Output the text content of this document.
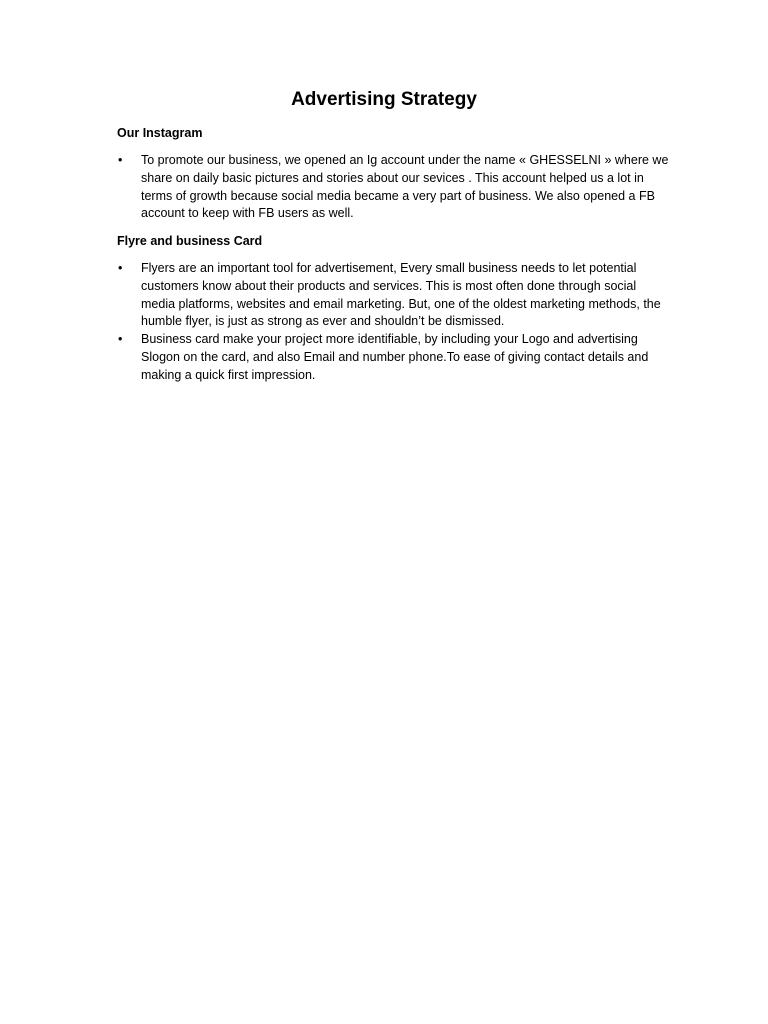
Advertising Strategy
Our Instagram
• To promote our business, we opened an Ig account under the name « GHESSELNI » where we share on daily basic pictures and stories about our sevices . This account helped us a lot in terms of growth because social media became a very part of business. We also opened a FB account to keep with FB users as well.
Flyre and business Card
• Flyers are an important tool for advertisement, Every small business needs to let potential customers know about their products and services. This is most often done through social media platforms, websites and email marketing. But, one of the oldest marketing methods, the humble flyer, is just as strong as ever and shouldn’t be dismissed.
• Business card make your project more identifiable, by including your Logo and advertising Slogon on the card, and also Email and number phone.To ease of giving contact details and making a quick first impression.
